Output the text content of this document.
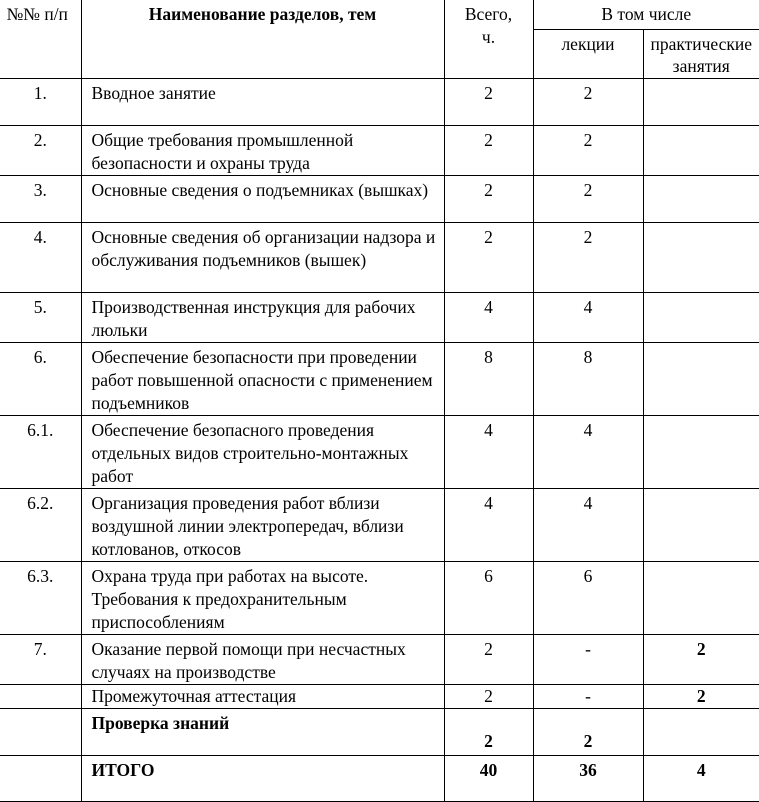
№№ п/п	Наименование разделов, тем	Всего, ч.	В том числе	
			лекции	практические занятия
1.	Вводное занятие	2	2	
2.	Общие требования промышленной безопасности и охраны труда	2	2	
3.	Основные сведения о подъемниках (вышках)	2	2	
4.	Основные сведения об организации надзора и обслуживания подъемников (вышек)	2	2	
5.	Производственная инструкция для рабочих люльки	4	4	
6.	Обеспечение безопасности при проведении работ повышенной опасности с применением подъемников	8	8	
6.1.	Обеспечение безопасного проведения отдельных видов строительно-монтажных работ	4	4	
6.2.	Организация проведения работ вблизи воздушной линии электропередач, вблизи котлованов, откосов	4	4	
6.3.	Охрана труда при работах на высоте. Требования к предохранительным приспособлениям	6	6	
7.	Оказание первой помощи при несчастных случаях на производстве	2	-	2
	Промежуточная аттестация	2	-	2
	Проверка знаний	2	2	

	ИТОГО	40	36	4
